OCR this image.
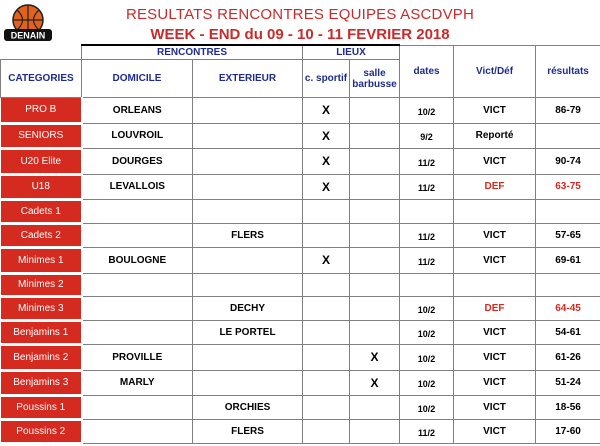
DENAIN
RESULTATS RENCONTRES EQUIPES ASCDVPH
WEEK - END du 09 - 10 - 11 FEVRIER 2018
	RENCONTRES		LIEUX		dates	Vict/Déf	résultats
CATEGORIES	DOMICILE	EXTERIEUR	c. sportif	salle barbusse			
PRO B	ORLEANS		X		10/2	VICT	86-79
SENIORS	LOUVROIL		X		9/2	Reporté	
U20 Elite	DOURGES		X		11/2	VICT	90-74
U18	LEVALLOIS		X		11/2	DEF	63-75
Cadets 1							
Cadets 2		FLERS			11/2	VICT	57-65
Minimes 1	BOULOGNE		X		11/2	VICT	69-61
Minimes 2							
Minimes 3		DECHY			10/2	DEF	64-45
Benjamins 1		LE PORTEL			10/2	VICT	54-61
Benjamins 2	PROVILLE			X	10/2	VICT	61-26
Benjamins 3	MARLY			X	10/2	VICT	51-24
Poussins 1		ORCHIES			10/2	VICT	18-56
Poussins 2		FLERS			11/2	VICT	17-60
